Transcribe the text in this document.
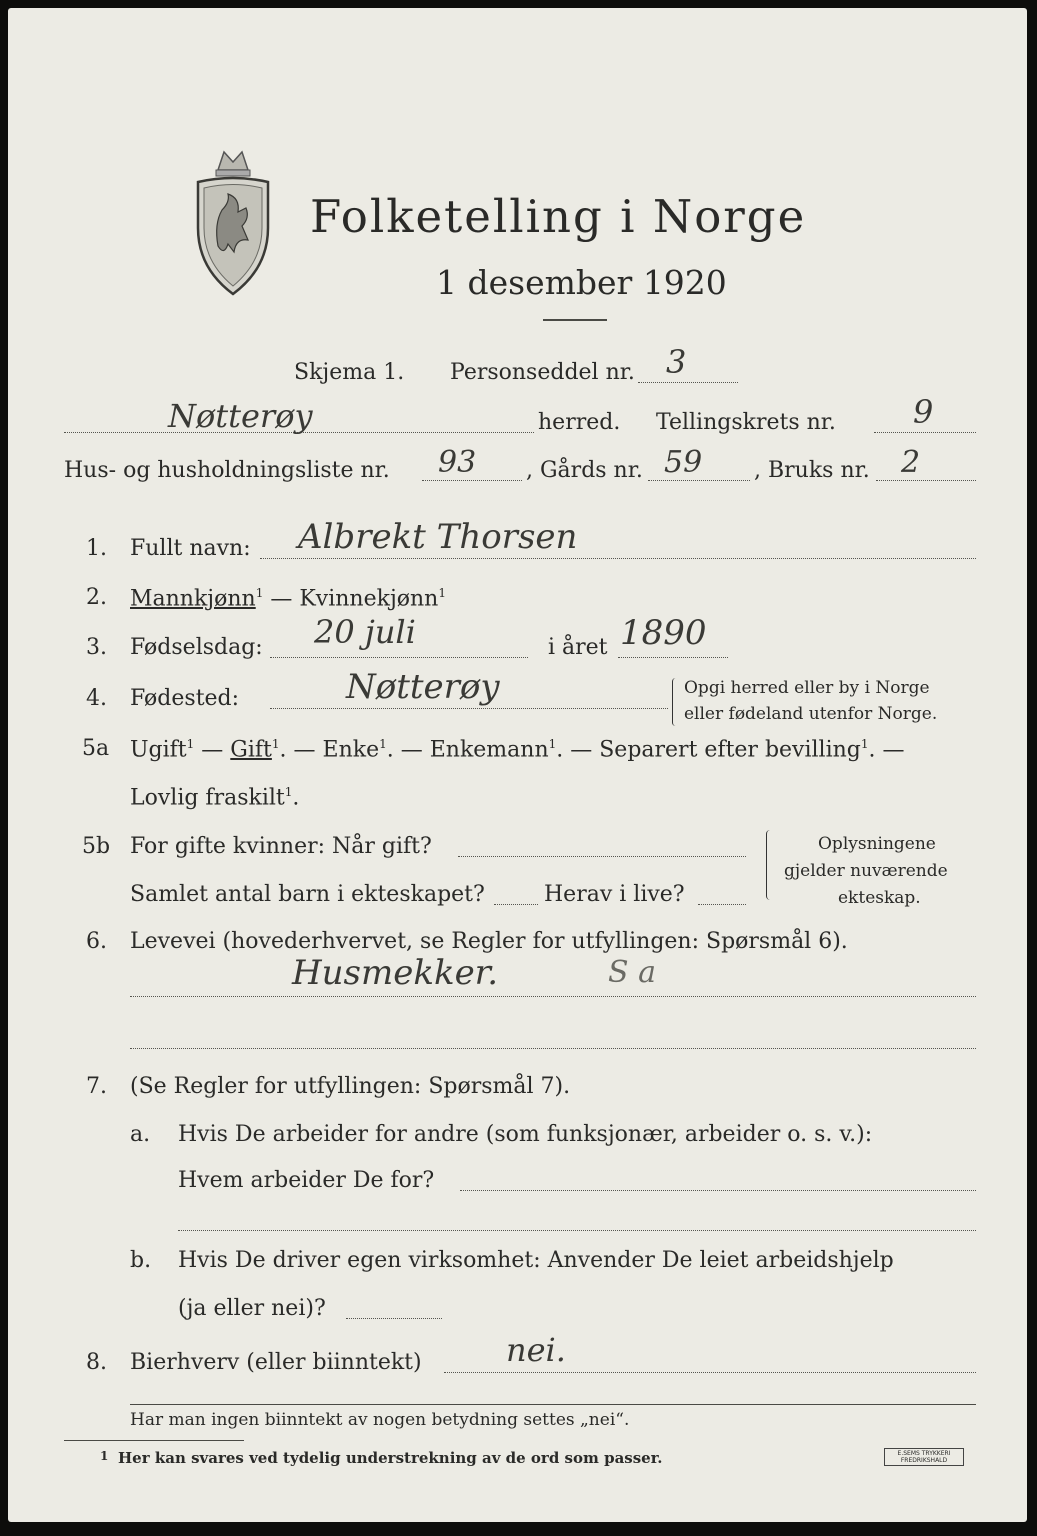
Folketelling i Norge
1 desember 1920
Skjema 1. Personseddel nr. 3
Nøtterøy	herred. Tellingskrets nr. 9
Hus- og husholdningsliste nr. 93 , Gårds nr. 59 , Bruks nr. 2
1. Fullt navn: Albrekt Thorsen
2. Mannkjønn$^1$ — Kvinnekjønn$^1$
3. Fødselsdag: 20 juli	i året 1890
4. Fødested:	Nøtterøy	Opgi herred eller by i Norge
eller fødeland utenfor Norge.
5a Ugift$^1$ — Gift$^1$. — Enke$^1$. — Enkemann$^1$. — Separert efter bevilling$^1$. —
Lovlig fraskilt$^1$.
5b For gifte kvinner: Når gift?
Samlet antal barn i ekteskapet?	Herav i live?
Oplysningene
gjelder nuværende
ekteskap.
6. Levevei (hovederhvervet, se Regler for utfyllingen: Spørsmål 6).
Husmekker.	S a
7. (Se Regler for utfyllingen: Spørsmål 7).
a. Hvis De arbeider for andre (som funksjonær, arbeider o. s. v.):
Hvem arbeider De for?
b. Hvis De driver egen virksomhet: Anvender De leiet arbeidshjelp
(ja eller nei)?
8. Bierhverv (eller biinntekt)	nei.
Har man ingen biinntekt av nogen betydning settes „nei“.
1 Her kan svares ved tydelig understrekning av de ord som passer.	E.SEMS TRYKKERI FREDRIKSHALD
